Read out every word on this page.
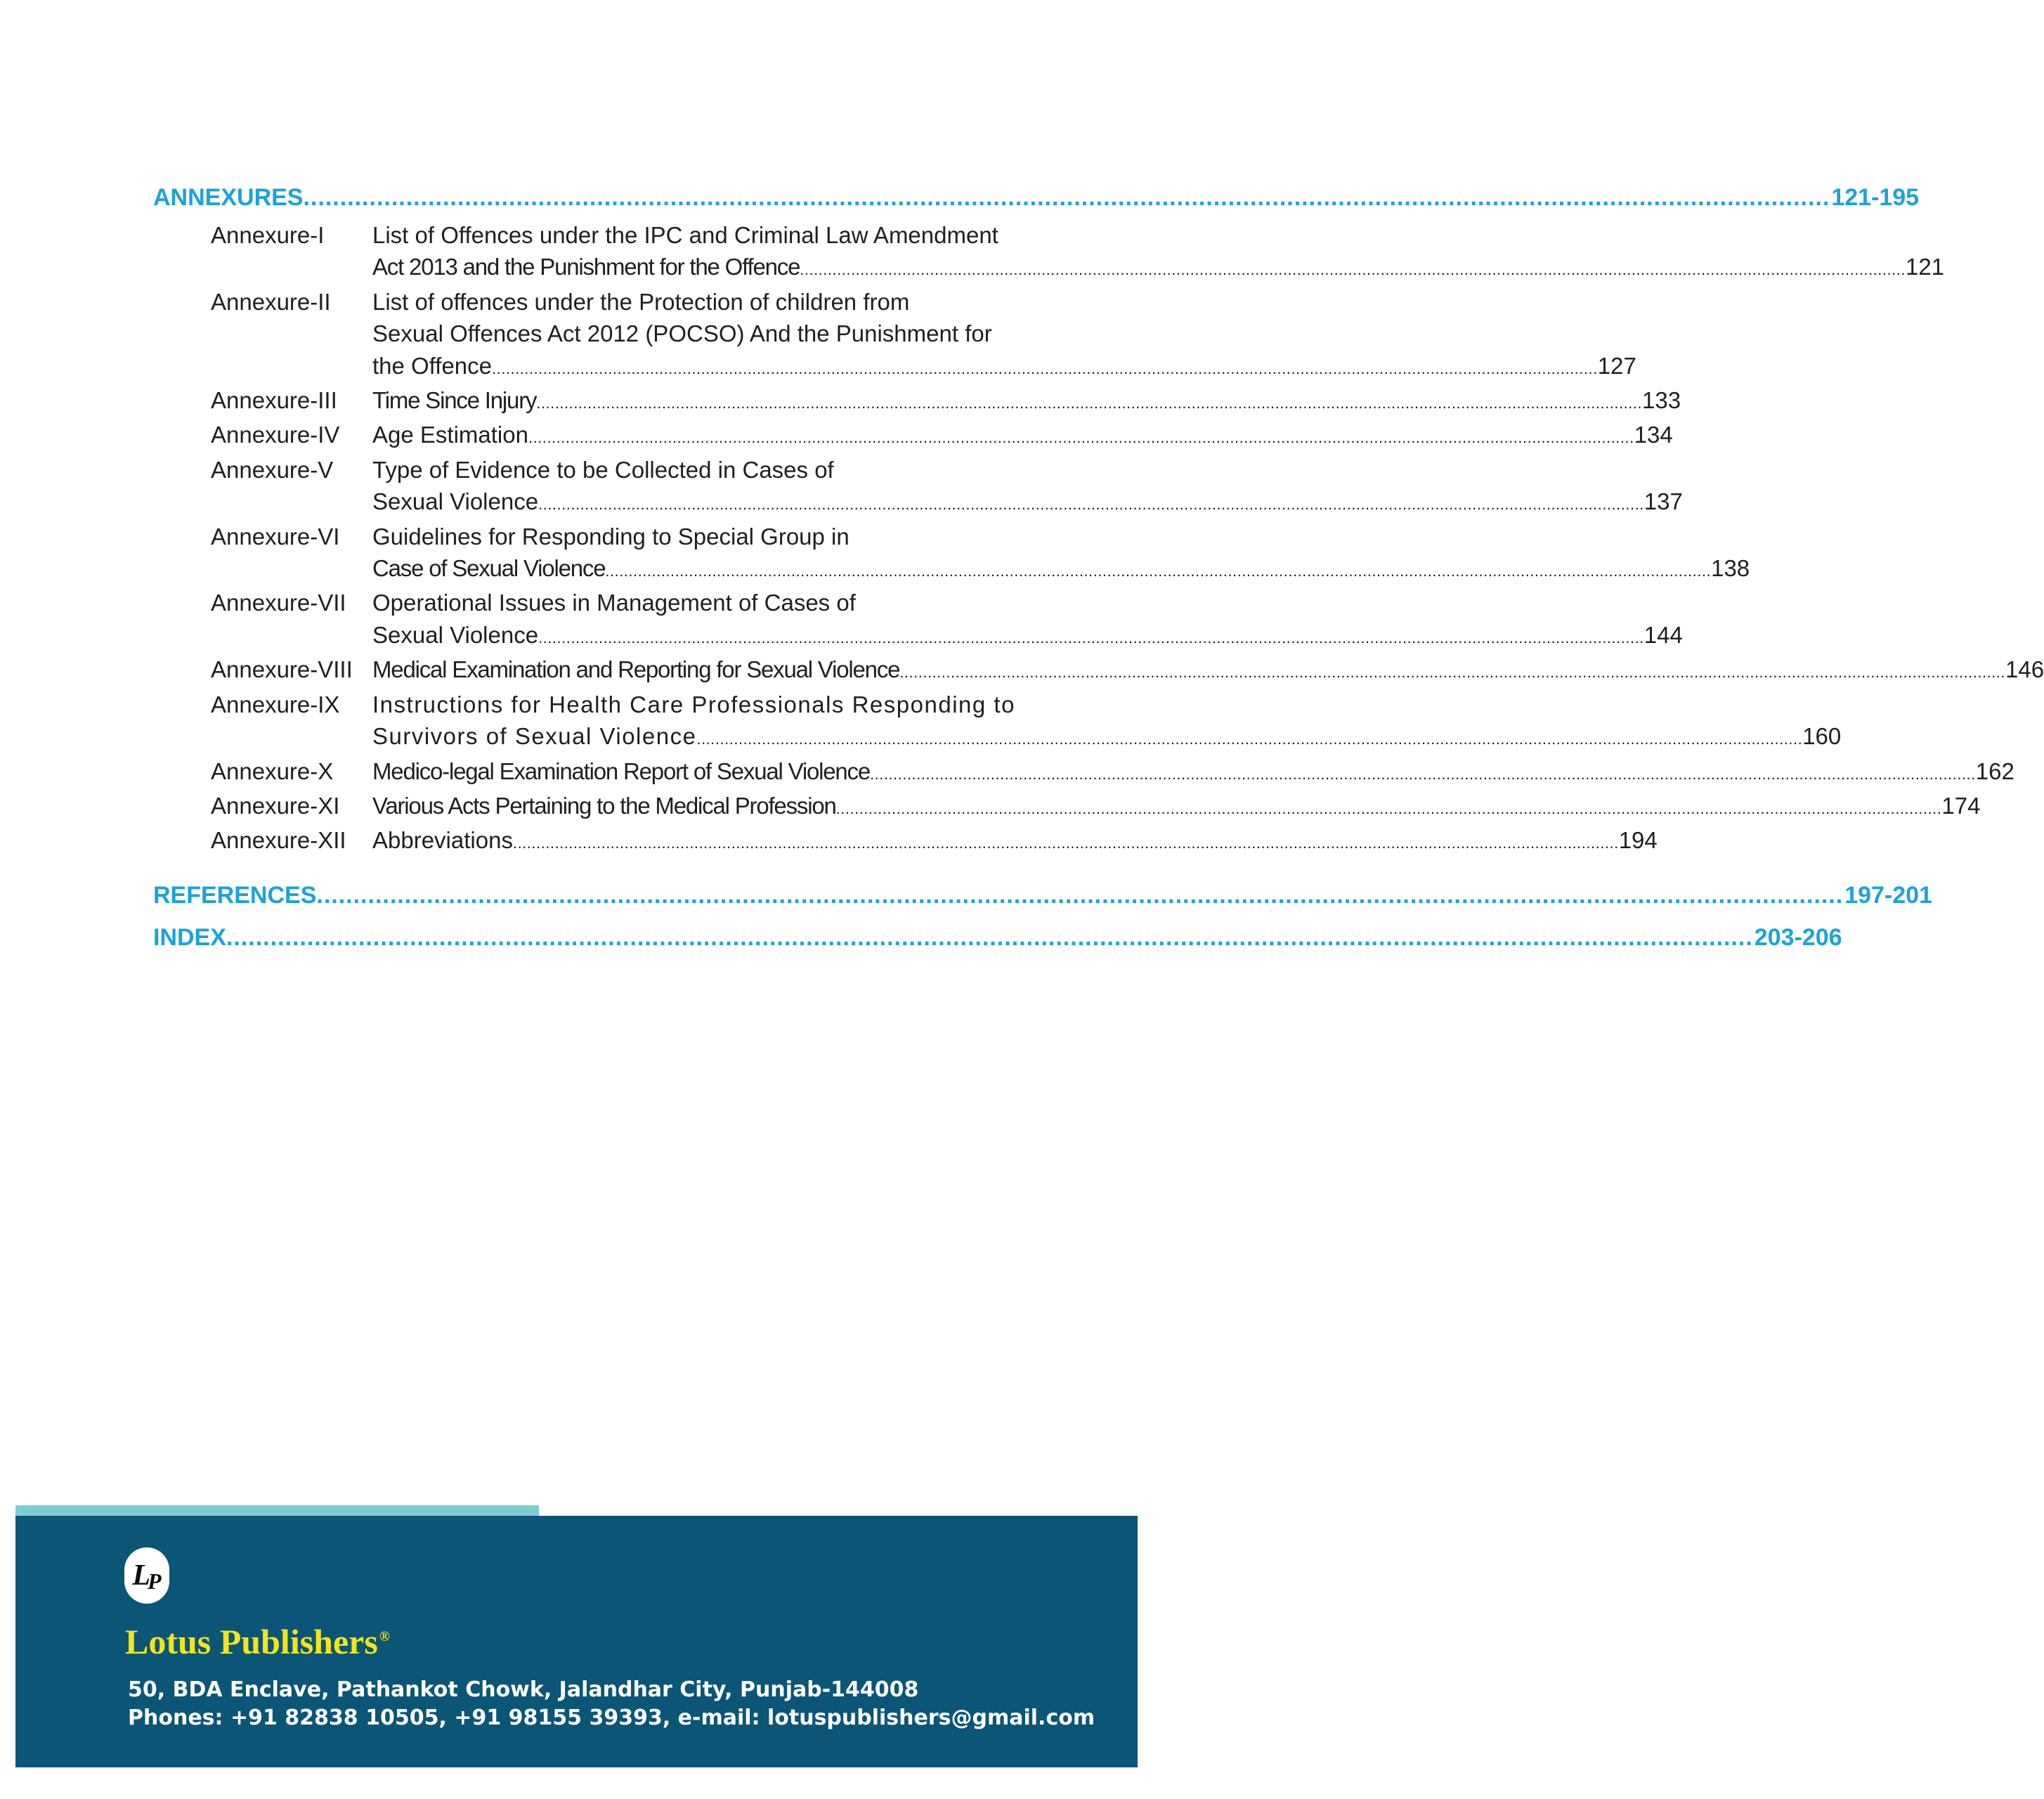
ANNEXURES .....	121-195
Annexure-I	List of Offences under the IPC and Criminal Law Amendment
Act 2013 and the Punishment for the Offence .....	121
Annexure-II	List of offences under the Protection of children from
Sexual Offences Act 2012 (POCSO) And the Punishment for
the Offence .....	127
Annexure-III	Time Since Injury .....	133
Annexure-IV	Age Estimation .....	134
Annexure-V	Type of Evidence to be Collected in Cases of
Sexual Violence .....	137
Annexure-VI	Guidelines for Responding to Special Group in
Case of Sexual Violence .....	138
Annexure-VII	Operational Issues in Management of Cases of
Sexual Violence .....	144
Annexure-VIII Medical Examination and Reporting for Sexual Violence .....	146
Annexure-IX	Instructions for Health Care Professionals Responding to
Survivors of Sexual Violence .....	160
Annexure-X	Medico-legal Examination Report of Sexual Violence .....	162
Annexure-XI	Various Acts Pertaining to the Medical Profession .....	174
Annexure-XII	Abbreviations .....	194
REFERENCES .....	197-201
INDEX .....	203-206
L
P
Lotus Publishers ®
50, BDA Enclave, Pathankot Chowk, Jalandhar City, Punjab-144008
Phones: +91 82838 10505, +91 98155 39393, e-mail: lotuspublishers@gmail.com
